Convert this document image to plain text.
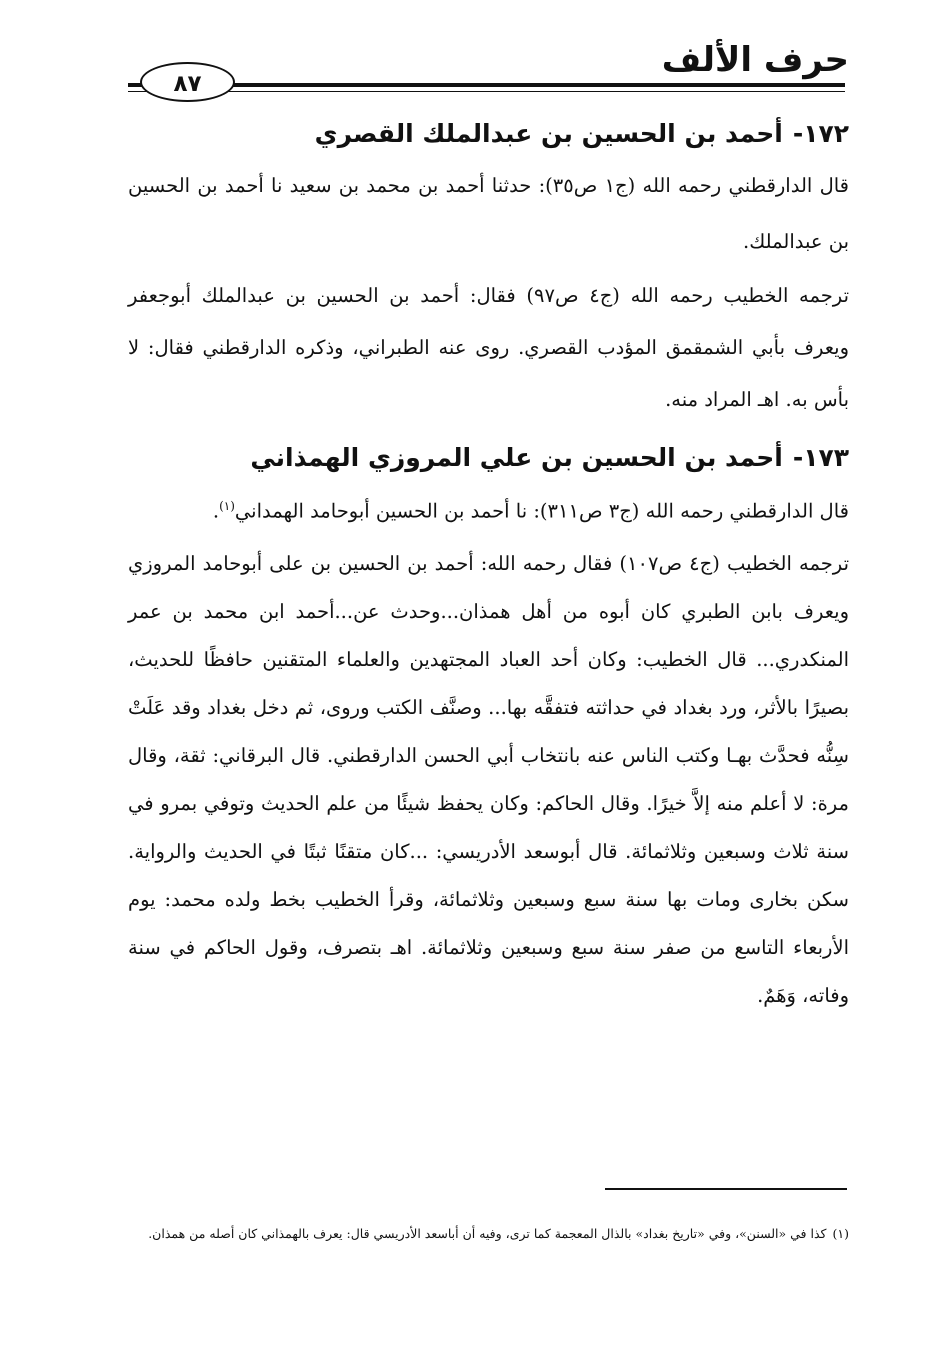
حرف الألف
٨٧
١٧٢-أحمد بن الحسين بن عبدالملك القصري

قال الدارقطني رحمه الله (ج١ ص٣٥): حدثنا أحمد بن محمد بن سعيد نا أحمد بن الحسين بن عبدالملك.

ترجمه الخطيب رحمه الله (ج٤ ص٩٧) فقال: أحمد بن الحسين بن عبدالملك أبوجعفر ويعرف بأبي الشمقمق المؤدب القصري. روى عنه الطبراني، وذكره الدارقطني فقال: لا بأس به. اهـ المراد منه.

١٧٣-أحمد بن الحسين بن علي المروزي الهمذاني

قال الدارقطني رحمه الله (ج٣ ص٣١١): نا أحمد بن الحسين أبوحامد الهمداني$^{(١)}$.

ترجمه الخطيب (ج٤ ص١٠٧) فقال رحمه الله: أحمد بن الحسين بن على أبوحامد المروزي ويعرف بابن الطبري كان أبوه من أهل همذان...وحدث عن...أحمد ابن محمد بن عمر المنكدري... قال الخطيب: وكان أحد العباد المجتهدين والعلماء المتقنين حافظًا للحديث، بصيرًا بالأثر، ورد بغداد في حداثته فتفقَّه بها... وصنَّف الكتب وروى، ثم دخل بغداد وقد عَلَتْ سِنُّه فحدَّث بهـا وكتب الناس عنه بانتخاب أبي الحسن الدارقطني. قال البرقاني: ثقة، وقال مرة: لا أعلم منه إلاَّ خيرًا. وقال الحاكم: وكان يحفظ شيئًا من علم الحديث وتوفي بمرو في سنة ثلاث وسبعين وثلاثمائة. قال أبوسعد الأدريسي: ...كان متقنًا ثبتًا في الحديث والرواية. سكن بخارى ومات بها سنة سبع وسبعين وثلاثمائة، وقرأ الخطيب بخط ولده محمد: يوم الأربعاء التاسع من صفر سنة سبع وسبعين وثلاثمائة. اهـ بتصرف، وقول الحاكم في سنة وفاته، وَهَمٌ.

(١)كذا في «السنن»، وفي «تاريخ بغداد» بالذال المعجمة كما ترى، وفيه أن أباسعد الأدريسي قال: يعرف بالهمذاني كان أصله من همذان.
